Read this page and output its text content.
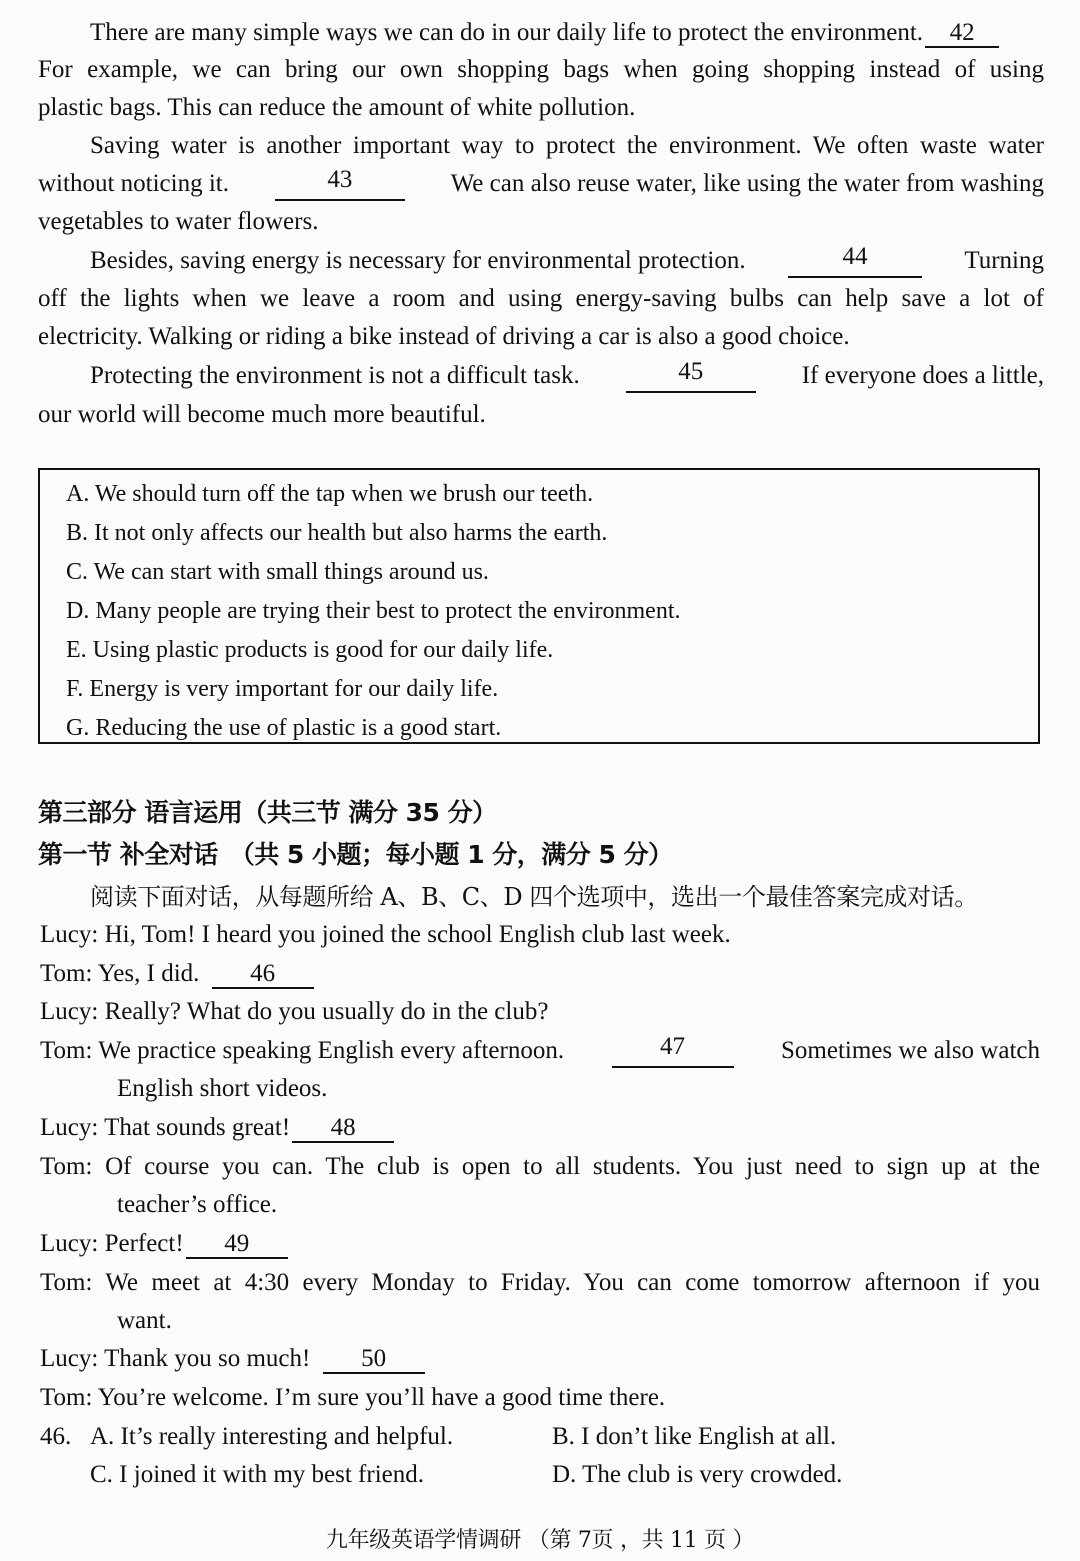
There are many simple ways we can do in our daily life to protect the environment. 42
For example, we can bring our own shopping bags when going shopping instead of using
plastic bags. This can reduce the amount of white pollution.
Saving water is another important way to protect the environment. We often waste water
without noticing it.	43	We can also reuse water, like using the water from washing
vegetables to water flowers.
Besides, saving energy is necessary for environmental protection.	44	Turning
off the lights when we leave a room and using energy-saving bulbs can help save a lot of
electricity. Walking or riding a bike instead of driving a car is also a good choice.
Protecting the environment is not a difficult task.	45	If everyone does a little,
our world will become much more beautiful.
A. We should turn off the tap when we brush our teeth.
B. It not only affects our health but also harms the earth.
C. We can start with small things around us.
D. Many people are trying their best to protect the environment.
E. Using plastic products is good for our daily life.
F. Energy is very important for our daily life.
G. Reducing the use of plastic is a good start.
第三部分 语言运用（共三节 满分 35 分）
第一节 补全对话　（共 5 小题；每小题 1 分，满分 5 分）
阅读下面对话，从每题所给 A、B、C、D 四个选项中，选出一个最佳答案完成对话。
Lucy: Hi, Tom! I heard you joined the school English club last week.
Tom: Yes, I did. 46
Lucy: Really? What do you usually do in the club?
Tom: We practice speaking English every afternoon.	47	Sometimes we also watch
English short videos.
Lucy: That sounds great! 48
Tom: Of course you can. The club is open to all students. You just need to sign up at the
teacher’s office.
Lucy: Perfect! 49
Tom: We meet at 4:30 every Monday to Friday. You can come tomorrow afternoon if you
want.
Lucy: Thank you so much! 50
Tom: You’re welcome. I’m sure you’ll have a good time there.
46. A. It’s really interesting and helpful.	B. I don’t like English at all.
C. I joined it with my best friend.	D. The club is very crowded.
九年级英语学情调研 （第 7页 ，共 11 页 ）
